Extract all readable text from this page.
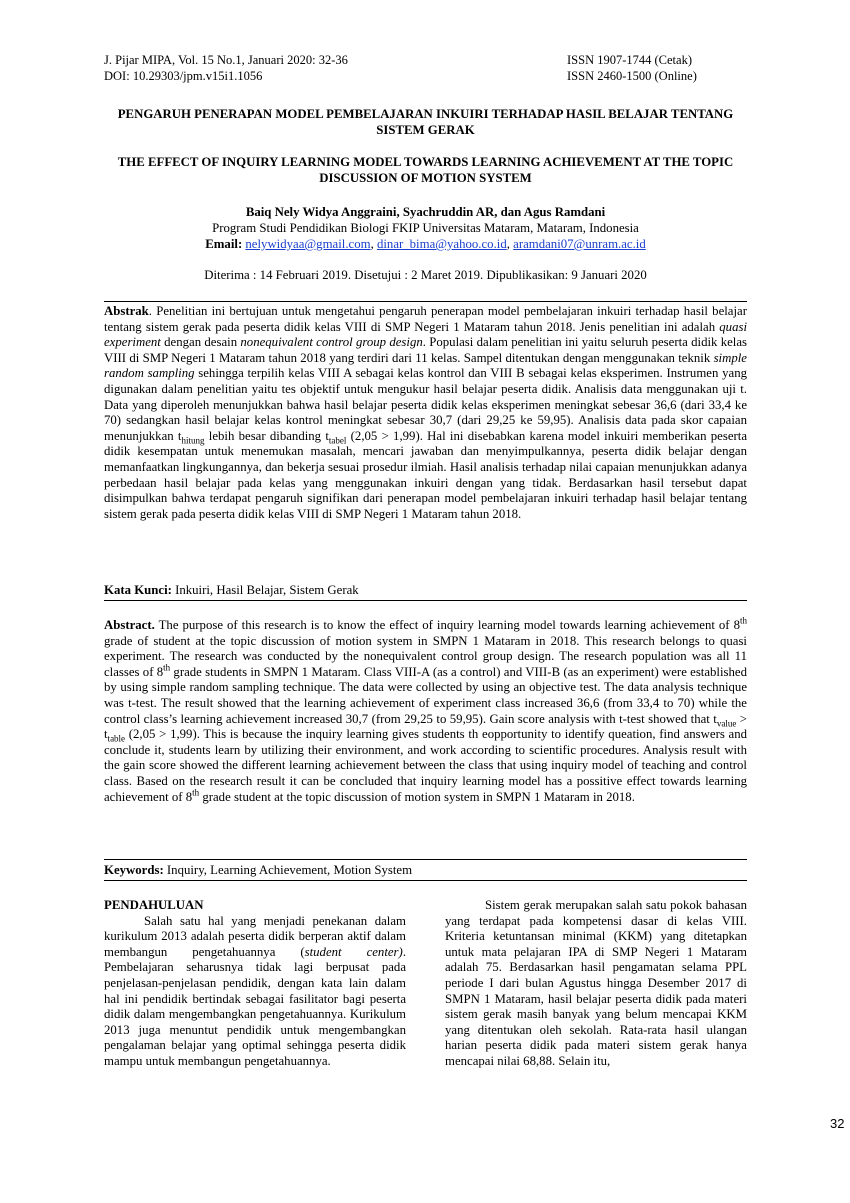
J. Pijar MIPA, Vol. 15 No.1, Januari 2020: 32-36
DOI: 10.29303/jpm.v15i1.1056
ISSN 1907-1744 (Cetak)
ISSN 2460-1500 (Online)
PENGARUH PENERAPAN MODEL PEMBELAJARAN INKUIRI TERHADAP HASIL BELAJAR TENTANG SISTEM GERAK
THE EFFECT OF INQUIRY LEARNING MODEL TOWARDS LEARNING ACHIEVEMENT AT THE TOPIC DISCUSSION OF MOTION SYSTEM
Baiq Nely Widya Anggraini, Syachruddin AR, dan Agus Ramdani
Program Studi Pendidikan Biologi FKIP Universitas Mataram, Mataram, Indonesia
Email: nelywidyaa@gmail.com, dinar_bima@yahoo.co.id, aramdani07@unram.ac.id
Diterima : 14 Februari 2019. Disetujui : 2 Maret 2019. Dipublikasikan: 9 Januari 2020
Abstrak. Penelitian ini bertujuan untuk mengetahui pengaruh penerapan model pembelajaran inkuiri terhadap hasil belajar tentang sistem gerak pada peserta didik kelas VIII di SMP Negeri 1 Mataram tahun 2018. Jenis penelitian ini adalah quasi experiment dengan desain nonequivalent control group design. Populasi dalam penelitian ini yaitu seluruh peserta didik kelas VIII di SMP Negeri 1 Mataram tahun 2018 yang terdiri dari 11 kelas. Sampel ditentukan dengan menggunakan teknik simple random sampling sehingga terpilih kelas VIII A sebagai kelas kontrol dan VIII B sebagai kelas eksperimen. Instrumen yang digunakan dalam penelitian yaitu tes objektif untuk mengukur hasil belajar peserta didik. Analisis data menggunakan uji t. Data yang diperoleh menunjukkan bahwa hasil belajar peserta didik kelas eksperimen meningkat sebesar 36,6 (dari 33,4 ke 70) sedangkan hasil belajar kelas kontrol meningkat sebesar 30,7 (dari 29,25 ke 59,95). Analisis data pada skor capaian menunjukkan $t_{hitung}$ lebih besar dibanding $t_{tabel}$ (2,05 > 1,99). Hal ini disebabkan karena model inkuiri memberikan peserta didik kesempatan untuk menemukan masalah, mencari jawaban dan menyimpulkannya, peserta didik belajar dengan memanfaatkan lingkungannya, dan bekerja sesuai prosedur ilmiah. Hasil analisis terhadap nilai capaian menunjukkan adanya perbedaan hasil belajar pada kelas yang menggunakan inkuiri dengan yang tidak. Berdasarkan hasil tersebut dapat disimpulkan bahwa terdapat pengaruh signifikan dari penerapan model pembelajaran inkuiri terhadap hasil belajar tentang sistem gerak pada peserta didik kelas VIII di SMP Negeri 1 Mataram tahun 2018.
Kata Kunci: Inkuiri, Hasil Belajar, Sistem Gerak
Abstract. The purpose of this research is to know the effect of inquiry learning model towards learning achievement of 8th grade of student at the topic discussion of motion system in SMPN 1 Mataram in 2018. This research belongs to quasi experiment. The research was conducted by the nonequivalent control group design. The research population was all 11 classes of 8th grade students in SMPN 1 Mataram. Class VIII-A (as a control) and VIII-B (as an experiment) were established by using simple random sampling technique. The data were collected by using an objective test. The data analysis technique was t-test. The result showed that the learning achievement of experiment class increased 36,6 (from 33,4 to 70) while the control class’s learning achievement increased 30,7 (from 29,25 to 59,95). Gain score analysis with t-test showed that $t_{value} > t_{table}$ (2,05 > 1,99). This is because the inquiry learning gives students th eopportunity to identify queation, find answers and conclude it, students learn by utilizing their environment, and work according to scientific procedures. Analysis result with the gain score showed the different learning achievement between the class that using inquiry model of teaching and control class. Based on the research result it can be concluded that inquiry learning model has a possitive effect towards learning achievement of 8th grade student at the topic discussion of motion system in SMPN 1 Mataram in 2018.
Keywords: Inquiry, Learning Achievement, Motion System
PENDAHULUAN

Salah satu hal yang menjadi penekanan dalam kurikulum 2013 adalah peserta didik berperan aktif dalam membangun pengetahuannya (student center). Pembelajaran seharusnya tidak lagi berpusat pada penjelasan-penjelasan pendidik, dengan kata lain dalam hal ini pendidik bertindak sebagai fasilitator bagi peserta didik dalam mengembangkan pengetahuannya. Kurikulum 2013 juga menuntut pendidik untuk mengembangkan pengalaman belajar yang optimal sehingga peserta didik mampu untuk membangun pengetahuannya.

Sistem gerak merupakan salah satu pokok bahasan yang terdapat pada kompetensi dasar di kelas VIII. Kriteria ketuntansan minimal (KKM) yang ditetapkan untuk mata pelajaran IPA di SMP Negeri 1 Mataram adalah 75. Berdasarkan hasil pengamatan selama PPL periode I dari bulan Agustus hingga Desember 2017 di SMPN 1 Mataram, hasil belajar peserta didik pada materi sistem gerak masih banyak yang belum mencapai KKM yang ditentukan oleh sekolah. Rata-rata hasil ulangan harian peserta didik pada materi sistem gerak hanya mencapai nilai 68,88. Selain itu,

32
